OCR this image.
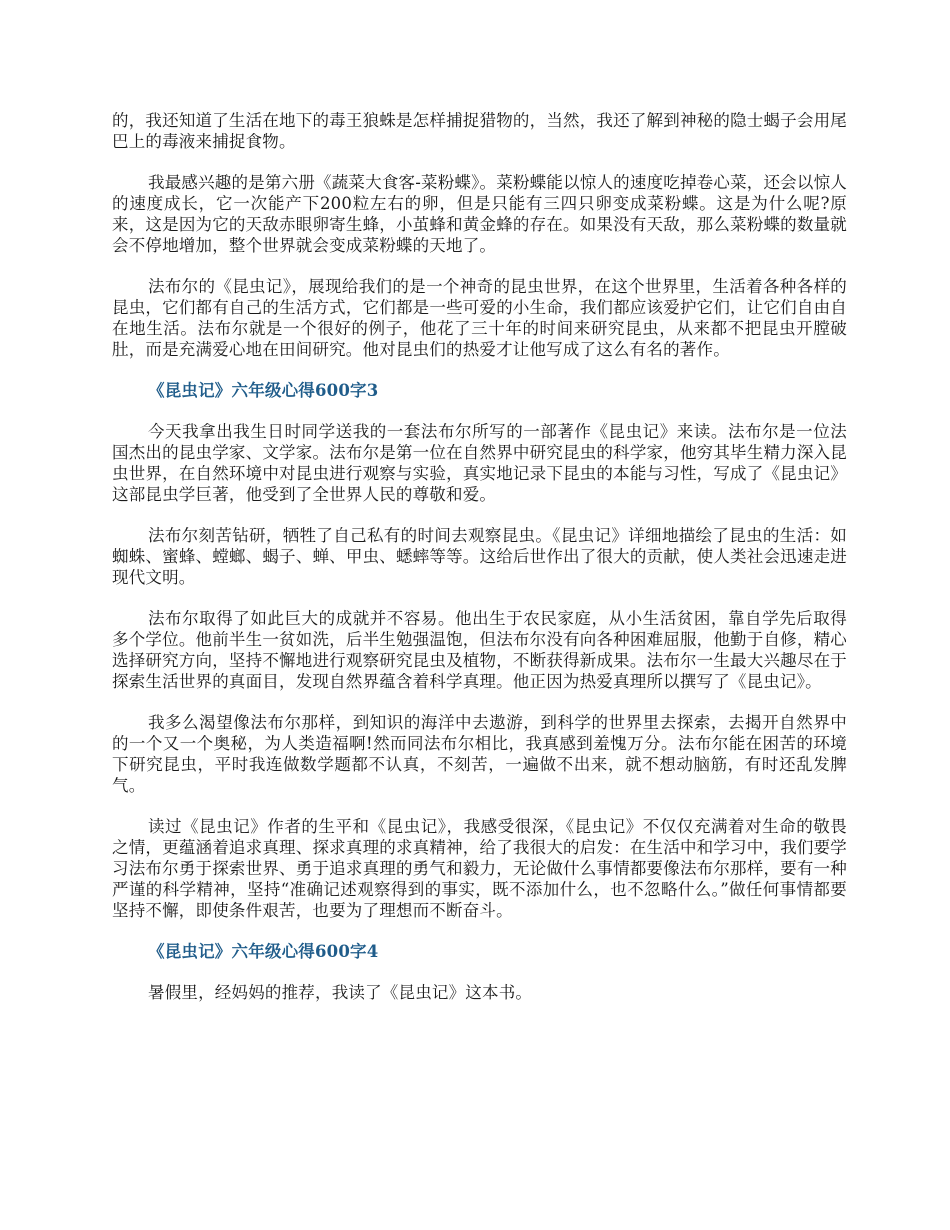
的，我还知道了生活在地下的毒王狼蛛是怎样捕捉猎物的，当然，我还了解到神秘的隐士蝎子会用尾巴上的毒液来捕捉食物。

我最感兴趣的是第六册《蔬菜大食客-菜粉蝶》。菜粉蝶能以惊人的速度吃掉卷心菜，还会以惊人的速度成长，它一次能产下200粒左右的卵，但是只能有三四只卵变成菜粉蝶。这是为什么呢?原来，这是因为它的天敌赤眼卵寄生蜂，小茧蜂和黄金蜂的存在。如果没有天敌，那么菜粉蝶的数量就会不停地增加，整个世界就会变成菜粉蝶的天地了。

法布尔的《昆虫记》，展现给我们的是一个神奇的昆虫世界，在这个世界里，生活着各种各样的昆虫，它们都有自己的生活方式，它们都是一些可爱的小生命，我们都应该爱护它们，让它们自由自在地生活。法布尔就是一个很好的例子，他花了三十年的时间来研究昆虫，从来都不把昆虫开膛破肚，而是充满爱心地在田间研究。他对昆虫们的热爱才让他写成了这么有名的著作。

《昆虫记》六年级心得600字3

今天我拿出我生日时同学送我的一套法布尔所写的一部著作《昆虫记》来读。法布尔是一位法国杰出的昆虫学家、文学家。法布尔是第一位在自然界中研究昆虫的科学家，他穷其毕生精力深入昆虫世界，在自然环境中对昆虫进行观察与实验，真实地记录下昆虫的本能与习性，写成了《昆虫记》这部昆虫学巨著，他受到了全世界人民的尊敬和爱。

法布尔刻苦钻研，牺牲了自己私有的时间去观察昆虫。《昆虫记》详细地描绘了昆虫的生活：如蜘蛛、蜜蜂、螳螂、蝎子、蝉、甲虫、蟋蟀等等。这给后世作出了很大的贡献，使人类社会迅速走进现代文明。

法布尔取得了如此巨大的成就并不容易。他出生于农民家庭，从小生活贫困，靠自学先后取得多个学位。他前半生一贫如洗，后半生勉强温饱，但法布尔没有向各种困难屈服，他勤于自修，精心选择研究方向，坚持不懈地进行观察研究昆虫及植物，不断获得新成果。法布尔一生最大兴趣尽在于探索生活世界的真面目，发现自然界蕴含着科学真理。他正因为热爱真理所以撰写了《昆虫记》。

我多么渴望像法布尔那样，到知识的海洋中去遨游，到科学的世界里去探索，去揭开自然界中的一个又一个奥秘，为人类造福啊!然而同法布尔相比，我真感到羞愧万分。法布尔能在困苦的环境下研究昆虫，平时我连做数学题都不认真，不刻苦，一遍做不出来，就不想动脑筋，有时还乱发脾气。

读过《昆虫记》作者的生平和《昆虫记》，我感受很深，《昆虫记》不仅仅充满着对生命的敬畏之情，更蕴涵着追求真理、探求真理的求真精神，给了我很大的启发：在生活中和学习中，我们要学习法布尔勇于探索世界、勇于追求真理的勇气和毅力，无论做什么事情都要像法布尔那样，要有一种严谨的科学精神，坚持“准确记述观察得到的事实，既不添加什么，也不忽略什么。”做任何事情都要坚持不懈，即使条件艰苦，也要为了理想而不断奋斗。

《昆虫记》六年级心得600字4

暑假里，经妈妈的推荐，我读了《昆虫记》这本书。
